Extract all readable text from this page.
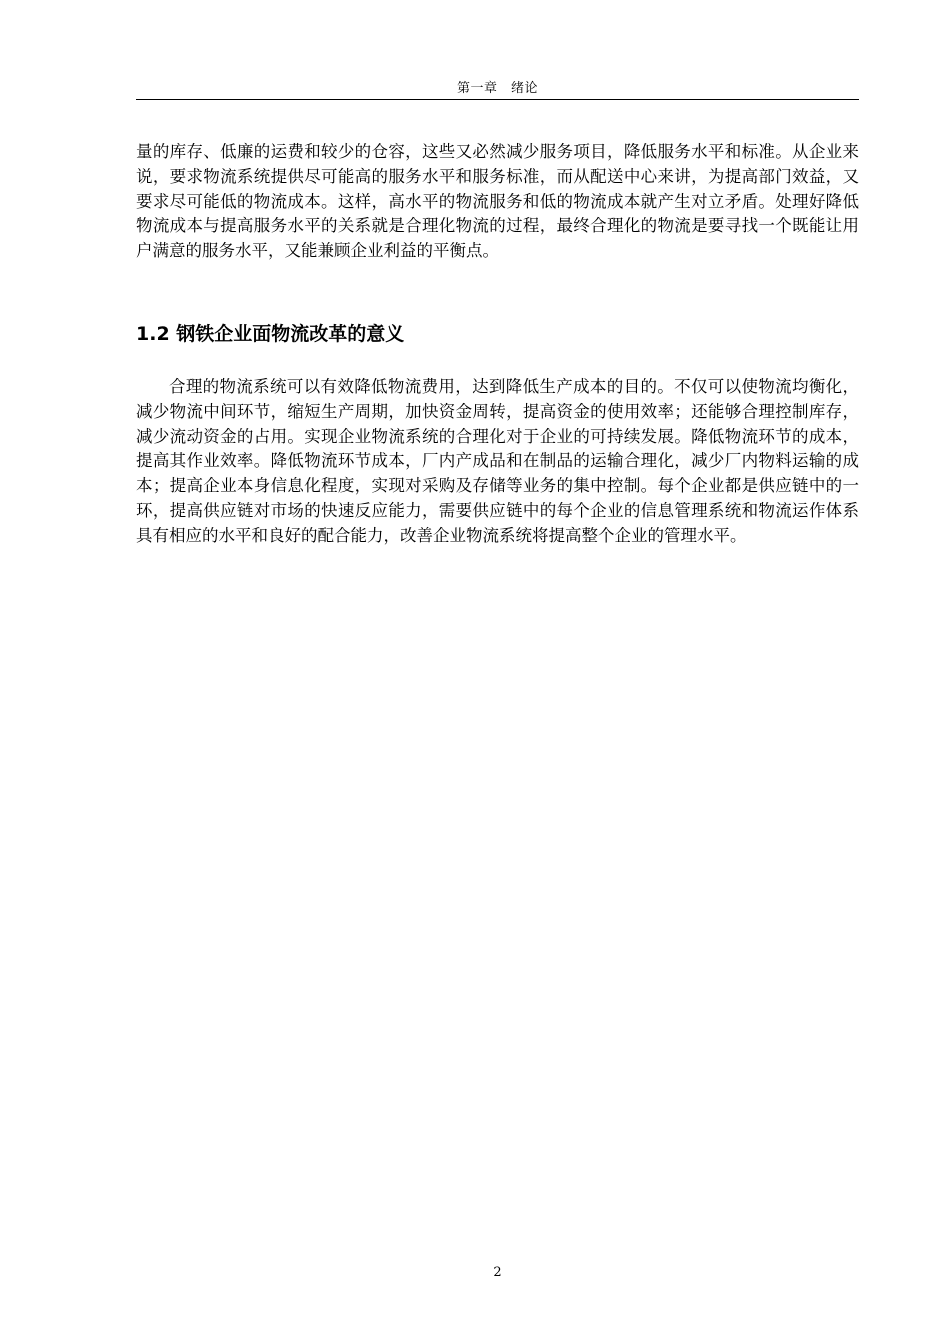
第一章　绪论

量的库存、低廉的运费和较少的仓容，这些又必然减少服务项目，降低服务水平和标准。从企业来说，要求物流系统提供尽可能高的服务水平和服务标准，而从配送中心来讲，为提高部门效益，又要求尽可能低的物流成本。这样，高水平的物流服务和低的物流成本就产生对立矛盾。处理好降低物流成本与提高服务水平的关系就是合理化物流的过程，最终合理化的物流是要寻找一个既能让用户满意的服务水平，又能兼顾企业利益的平衡点。

1.2 钢铁企业面物流改革的意义

合理的物流系统可以有效降低物流费用，达到降低生产成本的目的。不仅可以使物流均衡化，减少物流中间环节，缩短生产周期，加快资金周转，提高资金的使用效率；还能够合理控制库存，减少流动资金的占用。实现企业物流系统的合理化对于企业的可持续发展。降低物流环节的成本，提高其作业效率。降低物流环节成本，厂内产成品和在制品的运输合理化，减少厂内物料运输的成本；提高企业本身信息化程度，实现对采购及存储等业务的集中控制。每个企业都是供应链中的一环，提高供应链对市场的快速反应能力，需要供应链中的每个企业的信息管理系统和物流运作体系具有相应的水平和良好的配合能力，改善企业物流系统将提高整个企业的管理水平。

2
